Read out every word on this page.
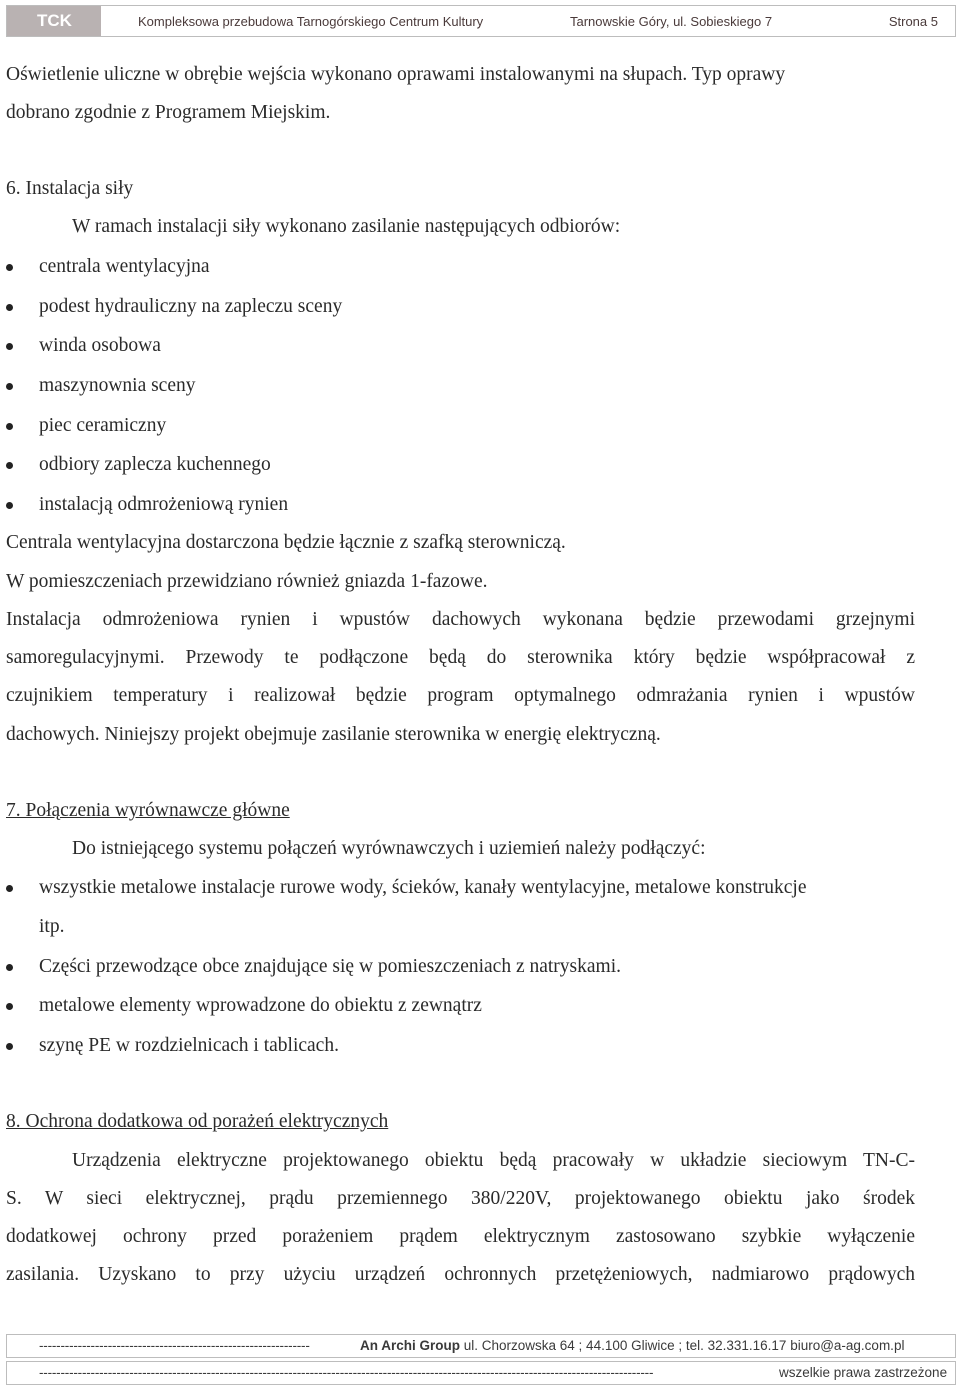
TCK	Kompleksowa przebudowa Tarnogórskiego Centrum Kultury	Tarnowskie Góry, ul. Sobieskiego 7	Strona 5
Oświetlenie uliczne w obrębie wejścia wykonano oprawami instalowanymi na słupach. Typ oprawy
dobrano zgodnie z Programem Miejskim.
6. Instalacja siły
W ramach instalacji siły wykonano zasilanie następujących odbiorów:
centrala wentylacyjna
podest hydrauliczny na zapleczu sceny
winda osobowa
maszynownia sceny
piec ceramiczny
odbiory zaplecza kuchennego
instalacją odmrożeniową rynien
Centrala wentylacyjna dostarczona będzie łącznie z szafką sterowniczą.
W pomieszczeniach przewidziano również gniazda 1-fazowe.
Instalacja odmrożeniowa rynien i wpustów dachowych wykonana będzie przewodami grzejnymi
samoregulacyjnymi. Przewody te podłączone będą do sterownika który będzie współpracował z
czujnikiem temperatury i realizował będzie program optymalnego odmrażania rynien i wpustów
dachowych. Niniejszy projekt obejmuje zasilanie sterownika w energię elektryczną.
7. Połączenia wyrównawcze główne
Do istniejącego systemu połączeń wyrównawczych i uziemień należy podłączyć:
wszystkie metalowe instalacje rurowe wody, ścieków, kanały wentylacyjne, metalowe konstrukcje
itp.
Części przewodzące obce znajdujące się w pomieszczeniach z natryskami.
metalowe elementy wprowadzone do obiektu z zewnątrz
szynę PE w rozdzielnicach i tablicach.
8. Ochrona dodatkowa od porażeń elektrycznych
Urządzenia elektryczne projektowanego obiektu będą pracowały w układzie sieciowym TN-C-
S. W sieci elektrycznej, prądu przemiennego 380/220V, projektowanego obiektu jako środek
dodatkowej ochrony przed porażeniem prądem elektrycznym zastosowano szybkie wyłączenie
zasilania. Uzyskano to przy użyciu urządzeń ochronnych przetężeniowych, nadmiarowo prądowych
---------------------------------------------------------------	An Archi Group ul. Chorzowska 64 ; 44.100 Gliwice ; tel. 32.331.16.17 biuro@a-ag.com.pl
-----------------------------------------------------------------------------------------------------------------------------------------------	wszelkie prawa zastrzeżone
